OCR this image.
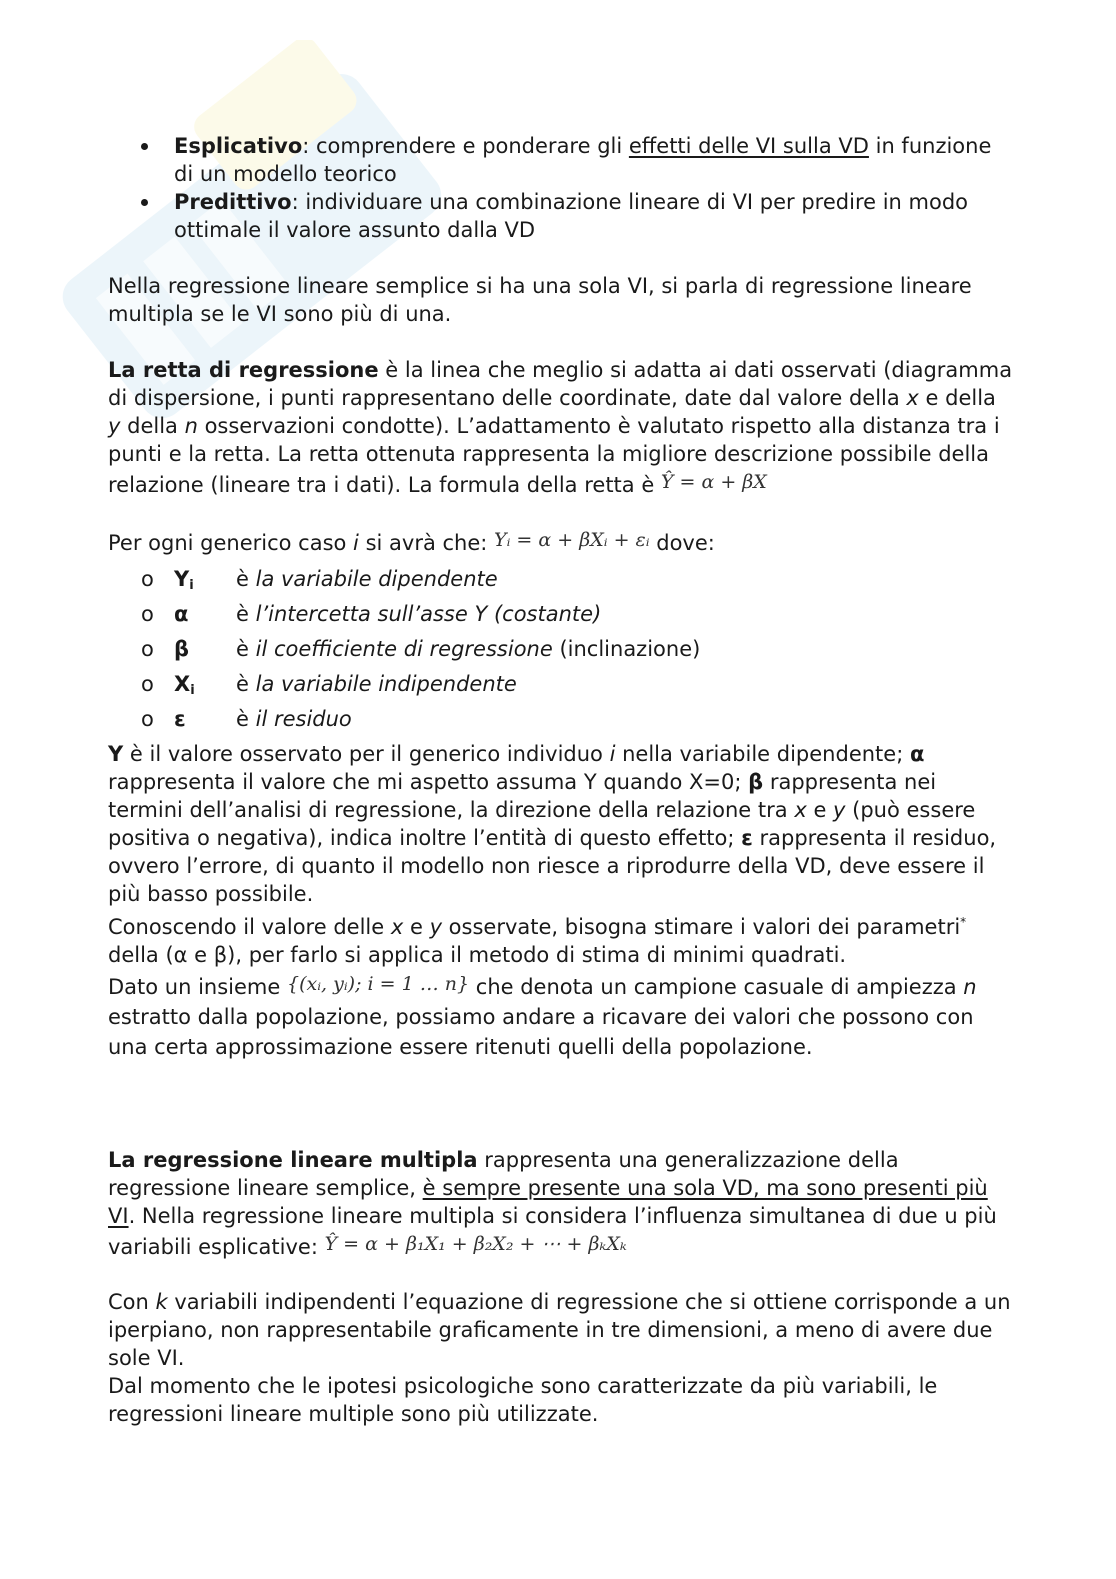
Esplicativo: comprendere e ponderare gli effetti delle VI sulla VD in funzione di un modello teorico
Predittivo: individuare una combinazione lineare di VI per predire in modo ottimale il valore assunto dalla VD

Nella regressione lineare semplice si ha una sola VI, si parla di regressione lineare multipla se le VI sono più di una.

La retta di regressione è la linea che meglio si adatta ai dati osservati (diagramma di dispersione, i punti rappresentano delle coordinate, date dal valore della x e della y della n osservazioni condotte). L’adattamento è valutato rispetto alla distanza tra i punti e la retta. La retta ottenuta rappresenta la migliore descrizione possibile della relazione (lineare tra i dati). La formula della retta è Ŷ = α + βX

Per ogni generico caso i si avrà che: Yᵢ = α + βXᵢ + εᵢ dove:

o $Y_i$	è la variabile dipendente
o α	è l’intercetta sull’asse Y (costante)
o β	è il coefficiente di regressione (inclinazione)
o $X_i$	è la variabile indipendente
o ε	è il residuo

Y è il valore osservato per il generico individuo i nella variabile dipendente; α rappresenta il valore che mi aspetto assuma Y quando X=0; β rappresenta nei termini dell’analisi di regressione, la direzione della relazione tra x e y (può essere positiva o negativa), indica inoltre l’entità di questo effetto; ε rappresenta il residuo, ovvero l’errore, di quanto il modello non riesce a riprodurre della VD, deve essere il più basso possibile.

Conoscendo il valore delle x e y osservate, bisogna stimare i valori dei parametri* della (α e β), per farlo si applica il metodo di stima di minimi quadrati.

Dato un insieme {(xᵢ, yᵢ); i = 1 … n} che denota un campione casuale di ampiezza n estratto dalla popolazione, possiamo andare a ricavare dei valori che possono con una certa approssimazione essere ritenuti quelli della popolazione.

La regressione lineare multipla rappresenta una generalizzazione della regressione lineare semplice, è sempre presente una sola VD, ma sono presenti più VI. Nella regressione lineare multipla si considera l’influenza simultanea di due u più variabili esplicative: Ŷ = α + β₁X₁ + β₂X₂ + ⋯ + βₖXₖ

Con k variabili indipendenti l’equazione di regressione che si ottiene corrisponde a un iperpiano, non rappresentabile graficamente in tre dimensioni, a meno di avere due sole VI.

Dal momento che le ipotesi psicologiche sono caratterizzate da più variabili, le regressioni lineare multiple sono più utilizzate.
